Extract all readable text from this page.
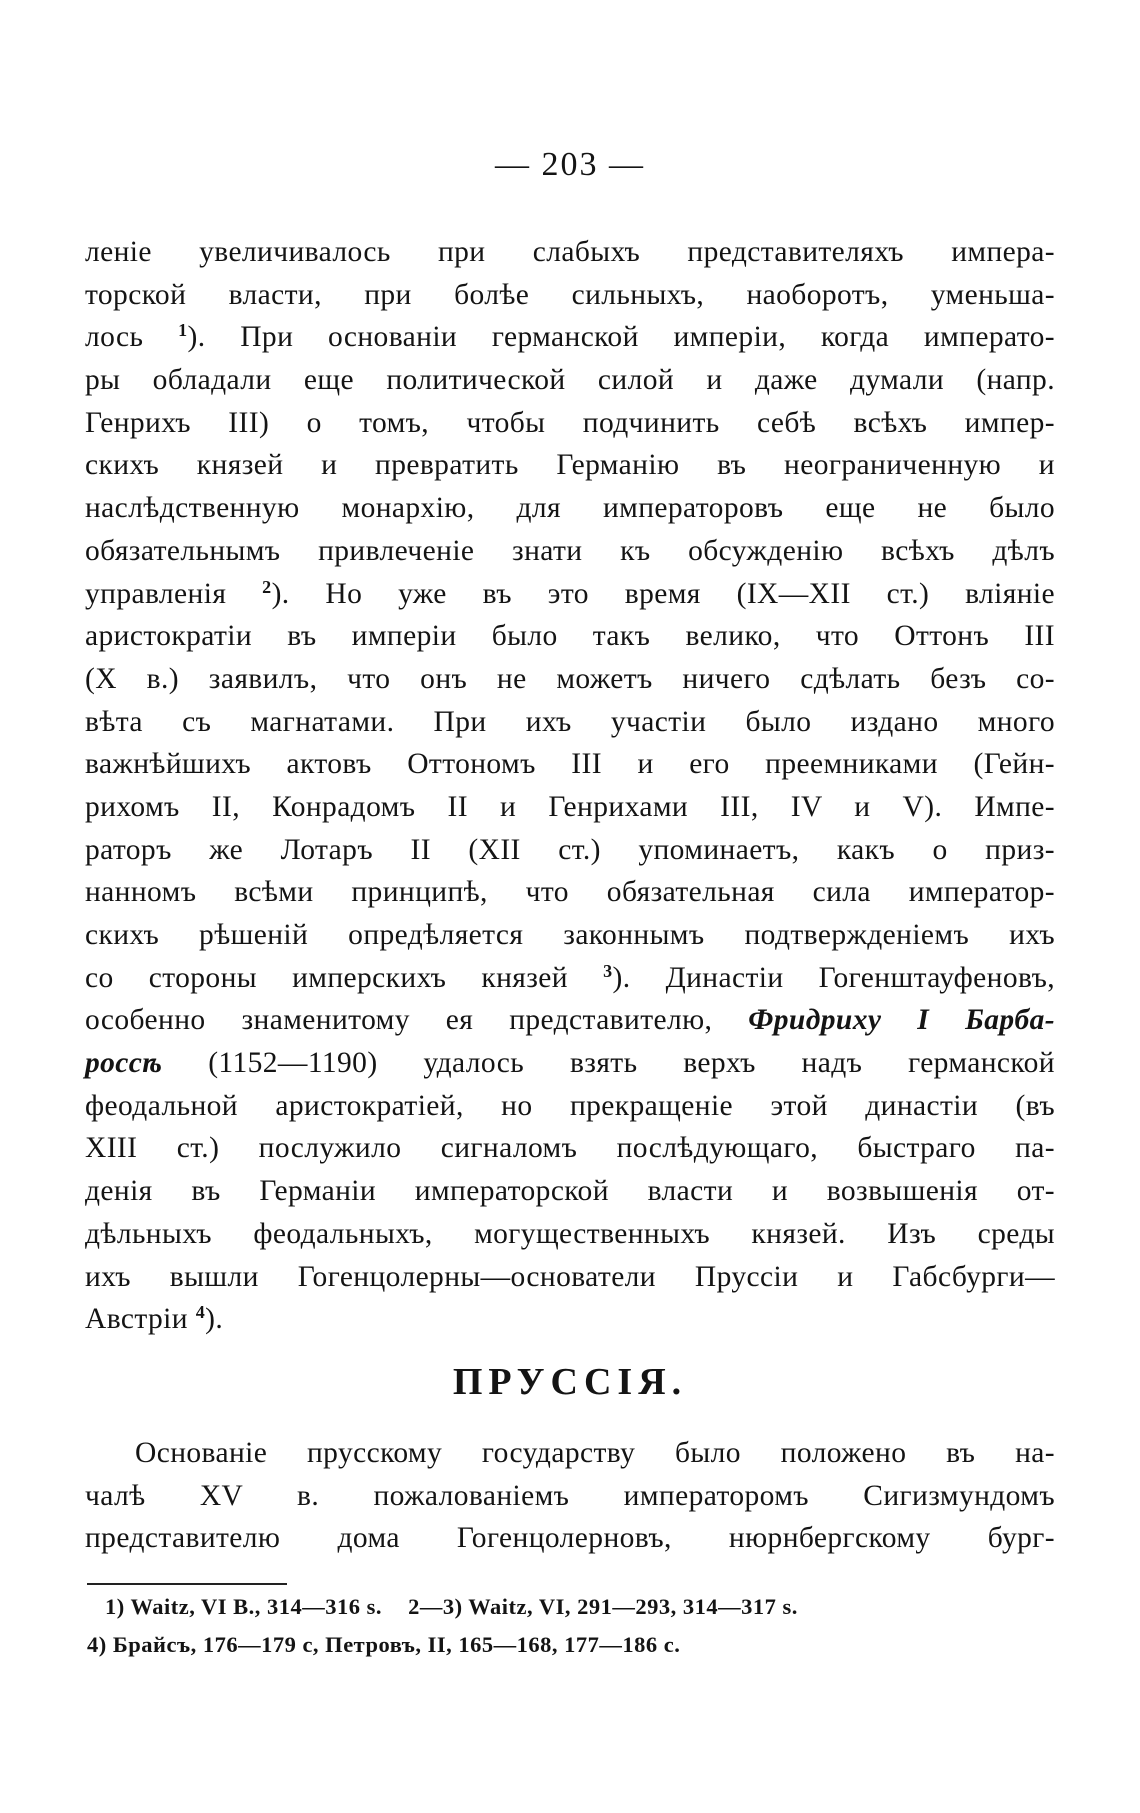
— 203 —
леніе увеличивалось при слабыхъ представителяхъ импера-
торской власти, при болѣе сильныхъ, наоборотъ, уменьша-
лось $^1$). При основаніи германской имперіи, когда императо-
ры обладали еще политической силой и даже думали (напр.
Генрихъ III) о томъ, чтобы подчинить себѣ всѣхъ импер-
скихъ князей и превратить Германію въ неограниченную и
наслѣдственную монархію, для императоровъ еще не было
обязательнымъ привлеченіе знати къ обсужденію всѣхъ дѣлъ
управленія $^2$). Но уже въ это время (IX—XII ст.) вліяніе
аристократіи въ имперіи было такъ велико, что Оттонъ III
(X в.) заявилъ, что онъ не можетъ ничего сдѣлать безъ со-
вѣта съ магнатами. При ихъ участіи было издано много
важнѣйшихъ актовъ Оттономъ III и его преемниками (Гейн-
рихомъ II, Конрадомъ II и Генрихами III, IV и V). Импе-
раторъ же Лотаръ II (XII ст.) упоминаетъ, какъ о приз-
нанномъ всѣми принципѣ, что обязательная сила император-
скихъ рѣшеній опредѣляется законнымъ подтвержденіемъ ихъ
со стороны имперскихъ князей $^3$). Династіи Гогенштауфеновъ,
особенно знаменитому ея представителю, Фридриху I Барба-
россѣ (1152—1190) удалось взять верхъ надъ германской
феодальной аристократіей, но прекращеніе этой династіи (въ
XIII ст.) послужило сигналомъ послѣдующаго, быстраго па-
денія въ Германіи императорской власти и возвышенія от-
дѣльныхъ феодальныхъ, могущественныхъ князей. Изъ среды
ихъ вышли Гогенцолерны—основатели Пруссіи и Габсбурги—
Австріи $^4$).
ПРУССІЯ.
Основаніе прусскому государству было положено въ на-
чалѣ XV в. пожалованіемъ императоромъ Сигизмундомъ
представителю дома Гогенцолерновъ, нюрнбергскому бург-
1) Waitz, VI B., 314—316 s. 2—3) Waitz, VI, 291—293, 314—317 s.
4) Брайсъ, 176—179 с, Петровъ, II, 165—168, 177—186 с.
